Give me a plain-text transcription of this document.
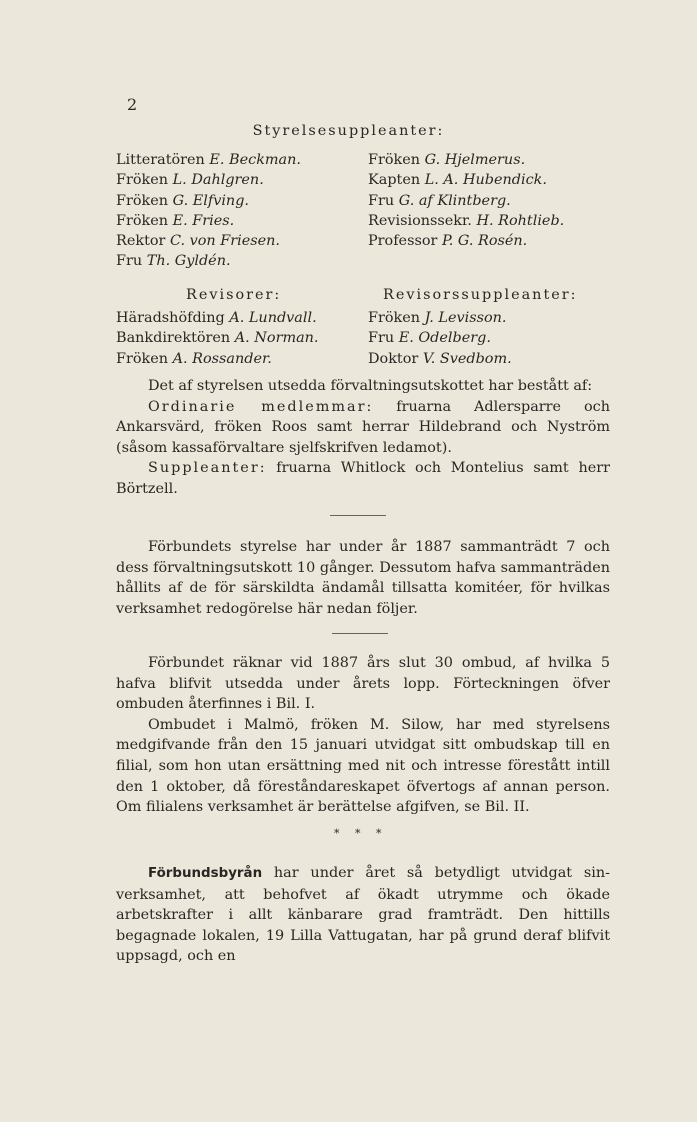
2
Styrelsesuppleanter:
Litteratören E. Beckman.
Fröken L. Dahlgren.
Fröken G. Elfving.
Fröken E. Fries.
Rektor C. von Friesen.
Fru Th. Gyldén.
Fröken G. Hjelmerus.
Kapten L. A. Hubendick.
Fru G. af Klintberg.
Revisionssekr. H. Rohtlieb.
Professor P. G. Rosén.
Revisorer:	Revisorssuppleanter:
Häradshöfding A. Lundvall.
Bankdirektören A. Norman.
Fröken A. Rossander.
Fröken J. Levisson.
Fru E. Odelberg.
Doktor V. Svedbom.

Det af styrelsen utsedda förvaltningsutskottet har bestått af:

Ordinarie medlemmar: fruarna Adlersparre och Ankarsvärd, fröken Roos samt herrar Hildebrand och Nyström (såsom kassaförvaltare sjelfskrifven ledamot).

Suppleanter: fruarna Whitlock och Montelius samt herr Börtzell.

Förbundets styrelse har under år 1887 sammanträdt 7 och dess förvaltningsutskott 10 gånger. Dessutom hafva sammanträden hållits af de för särskildta ändamål tillsatta komitéer, för hvilkas verksamhet redogörelse här nedan följer.

Förbundet räknar vid 1887 års slut 30 ombud, af hvilka 5 hafva blifvit utsedda under årets lopp. Förteckningen öfver ombuden återfinnes i Bil. I.

Ombudet i Malmö, fröken M. Silow, har med styrelsens medgifvande från den 15 januari utvidgat sitt ombudskap till en filial, som hon utan ersättning med nit och intresse förestått intill den 1 oktober, då föreståndareskapet öfvertogs af annan person. Om filialens verksamhet är berättelse afgifven, se Bil. II.

* * *

Förbundsbyrån har under året så betydligt utvidgat sin-verksamhet, att behofvet af ökadt utrymme och ökade arbetskrafter i allt känbarare grad framträdt. Den hittills begagnade lokalen, 19 Lilla Vattugatan, har på grund deraf blifvit uppsagd, och en
